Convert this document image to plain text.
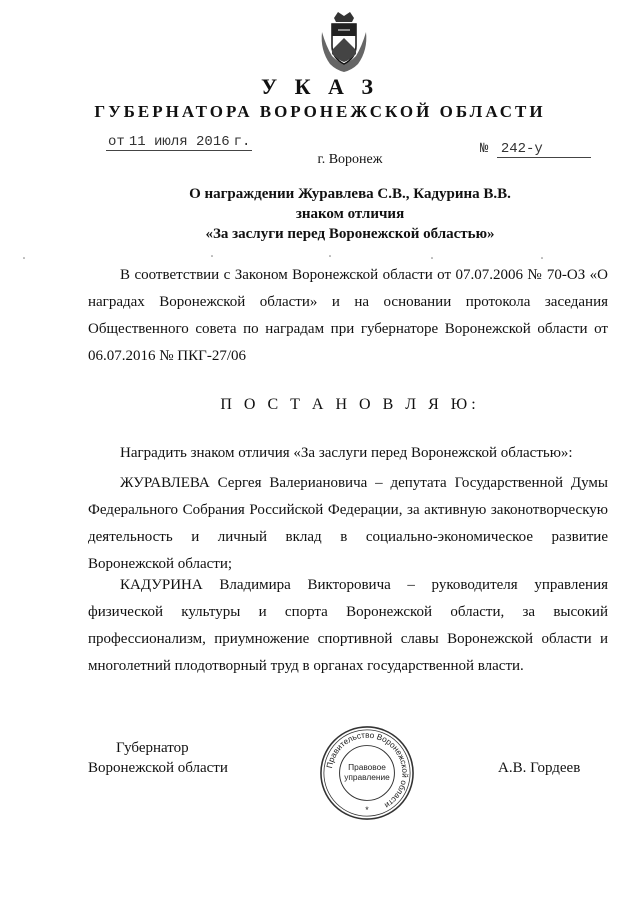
У К А З
ГУБЕРНАТОРА ВОРОНЕЖСКОЙ ОБЛАСТИ
от 11 июля 2016 г.	№ 242-у
г. Воронеж
О награждении Журавлева С.В., Кадурина В.В.
знаком отличия
«За заслуги перед Воронежской областью»
В соответствии с Законом Воронежской области от 07.07.2006 № 70-ОЗ «О наградах Воронежской области» и на основании протокола заседания Общественного совета по наградам при губернаторе Воронежской области от 06.07.2016 № ПКГ-27/06
П О С Т А Н О В Л Я Ю:
Наградить знаком отличия «За заслуги перед Воронежской областью»:
ЖУРАВЛЕВА Сергея Валериановича – депутата Государственной Думы Федерального Собрания Российской Федерации, за активную законотворческую деятельность и личный вклад в социально-экономическое развитие Воронежской области;
КАДУРИНА Владимира Викторовича – руководителя управления физической культуры и спорта Воронежской области, за высокий профессионализм, приумножение спортивной славы Воронежской области и многолетний плодотворный труд в органах государственной власти.
Губернатор
Воронежской области	Правительство Воронежской области
Правовое
управление
*
А.В. Гордеев
